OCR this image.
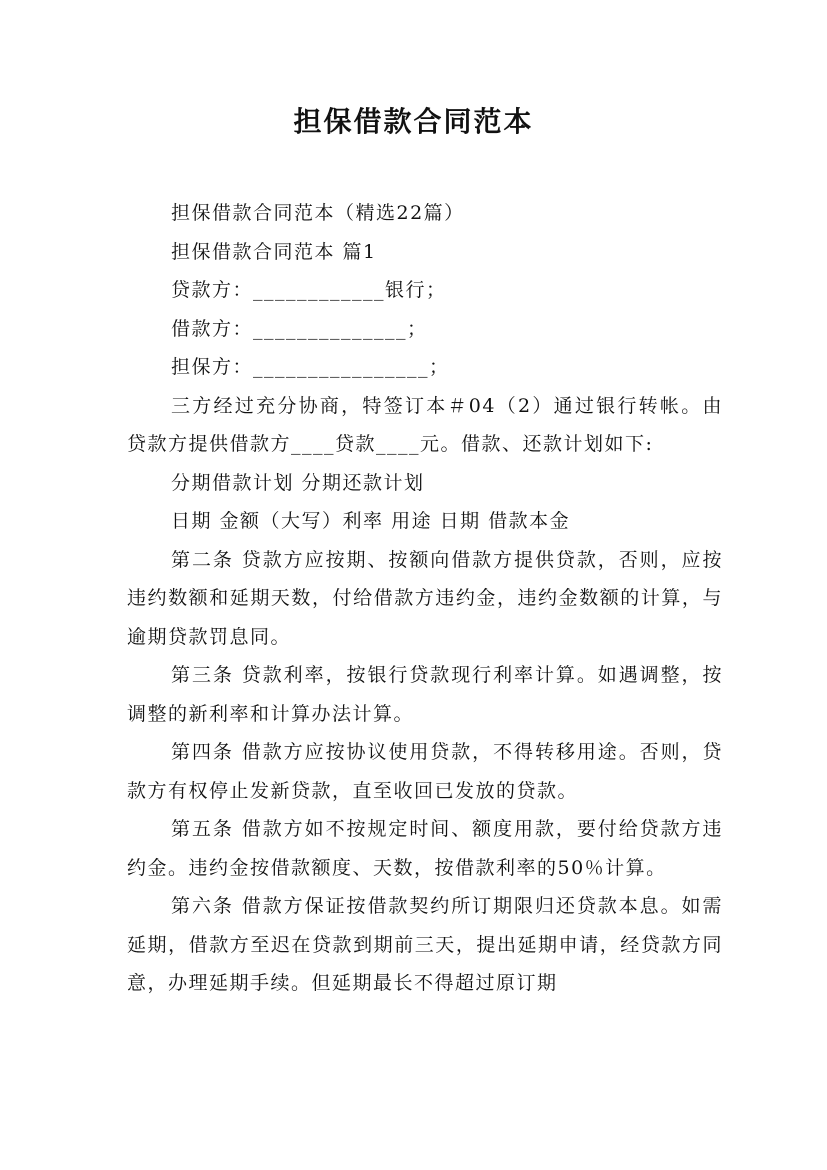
担保借款合同范本

担保借款合同范本（精选22篇）

担保借款合同范本 篇1

贷款方：____________银行；

借款方：______________；

担保方：________________；

三方经过充分协商，特签订本＃04（2）通过银行转帐。由贷款方提供借款方____贷款____元。借款、还款计划如下:

分期借款计划 分期还款计划

日期 金额（大写）利率 用途 日期 借款本金

第二条 贷款方应按期、按额向借款方提供贷款，否则，应按违约数额和延期天数，付给借款方违约金，违约金数额的计算，与逾期贷款罚息同。

第三条 贷款利率，按银行贷款现行利率计算。如遇调整，按调整的新利率和计算办法计算。

第四条 借款方应按协议使用贷款，不得转移用途。否则，贷款方有权停止发新贷款，直至收回已发放的贷款。

第五条 借款方如不按规定时间、额度用款，要付给贷款方违约金。违约金按借款额度、天数，按借款利率的50％计算。

第六条 借款方保证按借款契约所订期限归还贷款本息。如需延期，借款方至迟在贷款到期前三天，提出延期申请，经贷款方同意，办理延期手续。但延期最长不得超过原订期
